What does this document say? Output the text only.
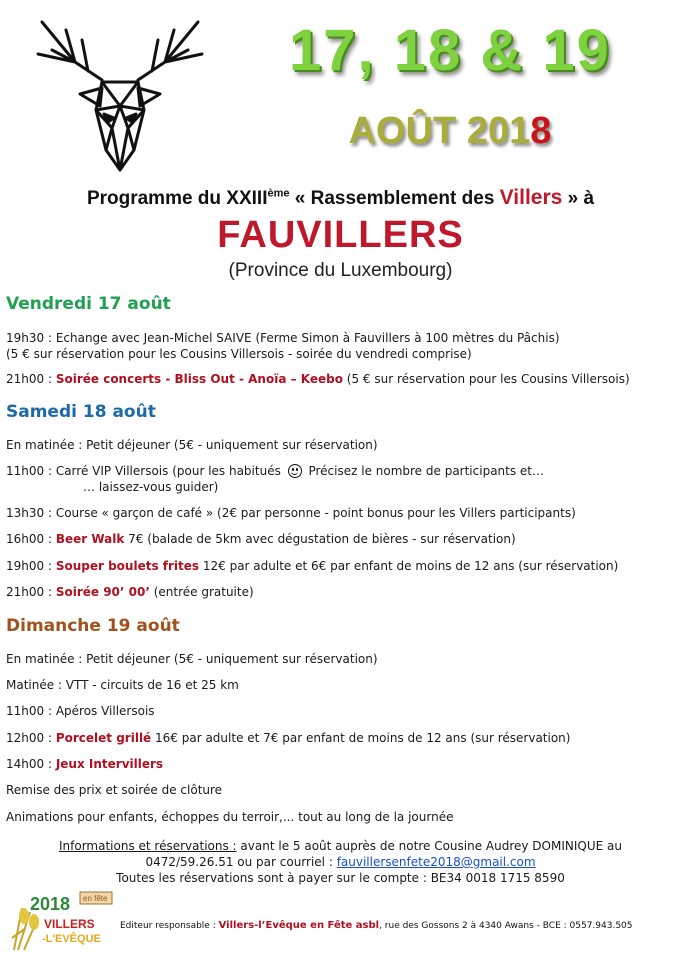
17, 18 & 19
AOÛT 2018
Programme du XXIIIème « Rassemblement des Villers » à
FAUVILLERS
(Province du Luxembourg)
Vendredi 17 août
19h30 : Echange avec Jean-Michel SAIVE (Ferme Simon à Fauvillers à 100 mètres du Pâchis)
(5 € sur réservation pour les Cousins Villersois - soirée du vendredi comprise)
21h00 : Soirée concerts - Bliss Out - Anoïa – Keebo (5 € sur réservation pour les Cousins Villersois)
Samedi 18 août
En matinée : Petit déjeuner (5€ - uniquement sur réservation)
11h00 : Carré VIP Villersois (pour les habitués
Précisez le nombre de participants et…
… laissez-vous guider)
13h30 : Course « garçon de café » (2€ par personne - point bonus pour les Villers participants)
16h00 : Beer Walk 7€ (balade de 5km avec dégustation de bières - sur réservation)
19h00 : Souper boulets frites 12€ par adulte et 6€ par enfant de moins de 12 ans (sur réservation)
21h00 : Soirée 90’ 00’ (entrée gratuite)
Dimanche 19 août
En matinée : Petit déjeuner (5€ - uniquement sur réservation)
Matinée : VTT - circuits de 16 et 25 km
11h00 : Apéros Villersois
12h00 : Porcelet grillé 16€ par adulte et 7€ par enfant de moins de 12 ans (sur réservation)
14h00 : Jeux Intervillers
Remise des prix et soirée de clôture
Animations pour enfants, échoppes du terroir,... tout au long de la journée
Informations et réservations : avant le 5 août auprès de notre Cousine Audrey DOMINIQUE au
0472/59.26.51 ou par courriel : fauvillersenfete2018@gmail.com
Toutes les réservations sont à payer sur le compte : BE34 0018 1715 8590
2018 en fête
VILLERS
-L'EVÊQUE
Editeur responsable : Villers-l’Evêque en Fête asbl, rue des Gossons 2 à 4340 Awans - BCE : 0557.943.505
